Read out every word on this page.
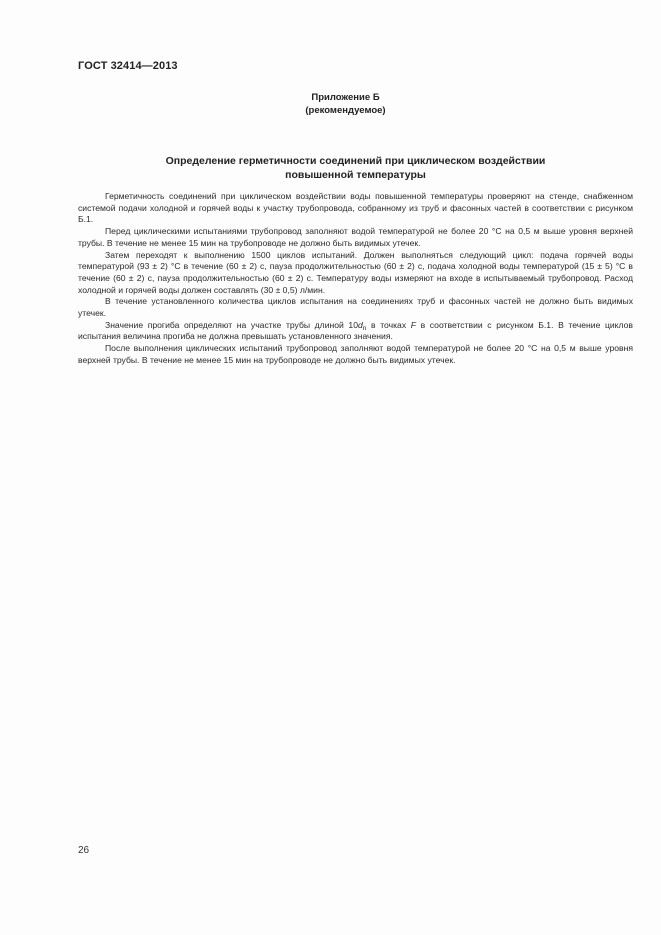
ГОСТ 32414—2013
Приложение Б
(рекомендуемое)
Определение герметичности соединений при циклическом воздействии
повышенной температуры

Герметичность соединений при циклическом воздействии воды повышенной температуры проверяют на стенде, снабженном системой подачи холодной и горячей воды к участку трубопровода, собранному из труб и фасонных частей в соответствии с рисунком Б.1.

Перед циклическими испытаниями трубопровод заполняют водой температурой не более 20 °С на 0,5 м выше уровня верхней трубы. В течение не менее 15 мин на трубопроводе не должно быть видимых утечек.

Затем переходят к выполнению 1500 циклов испытаний. Должен выполняться следующий цикл: подача горячей воды температурой (93 ± 2) °С в течение (60 ± 2) с, пауза продолжительностью (60 ± 2) с, подача холодной воды температурой (15 ± 5) °С в течение (60 ± 2) с, пауза продолжительностью (60 ± 2) с. Температуру воды измеряют на входе в испытываемый трубопровод. Расход холодной и горячей воды должен составлять (30 ± 0,5) л/мин.

В течение установленного количества циклов испытания на соединениях труб и фасонных частей не должно быть видимых утечек.

Значение прогиба определяют на участке трубы длиной $10d_n$ в точках F в соответствии с рисунком Б.1. В течение циклов испытания величина прогиба не должна превышать установленного значения.

После выполнения циклических испытаний трубопровод заполняют водой температурой не более 20 °С на 0,5 м выше уровня верхней трубы. В течение не менее 15 мин на трубопроводе не должно быть видимых утечек.

26
